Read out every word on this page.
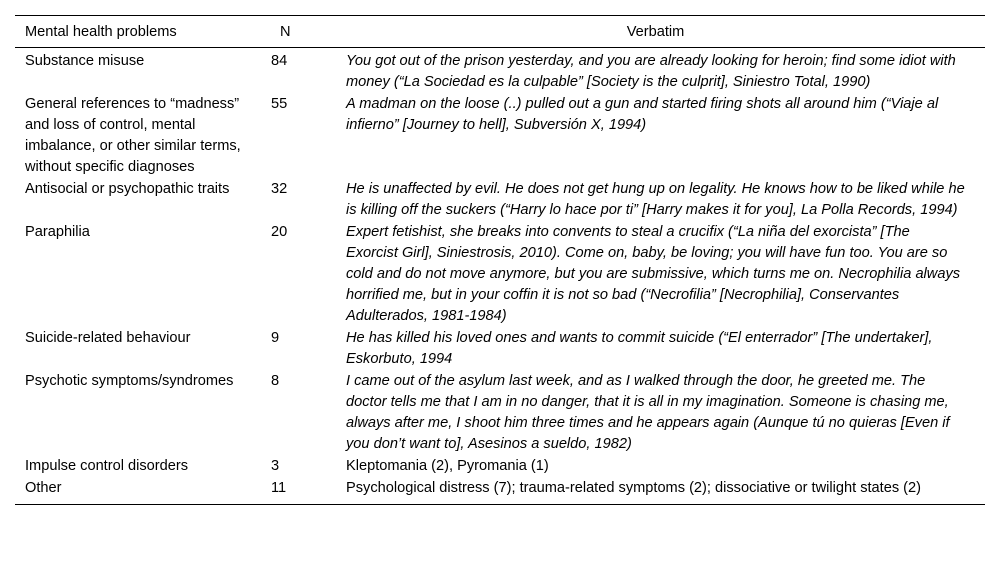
Mental health problems	N	Verbatim
Substance misuse	84	You got out of the prison yesterday, and you are already looking for heroin; find some idiot with money (“La Sociedad es la culpable” [Society is the culprit], Siniestro Total, 1990)
General references to “madness” and loss of control, mental imbalance, or other similar terms, without specific diagnoses	55	A madman on the loose (..) pulled out a gun and started firing shots all around him (“Viaje al infierno” [Journey to hell], Subversión X, 1994)
Antisocial or psychopathic traits	32	He is unaffected by evil. He does not get hung up on legality. He knows how to be liked while he is killing off the suckers (“Harry lo hace por ti” [Harry makes it for you], La Polla Records, 1994)
Paraphilia	20	Expert fetishist, she breaks into convents to steal a crucifix (“La niña del exorcista” [The Exorcist Girl], Siniestrosis, 2010). Come on, baby, be loving; you will have fun too. You are so cold and do not move anymore, but you are submissive, which turns me on. Necrophilia always horrified me, but in your coffin it is not so bad (“Necrofilia” [Necrophilia], Conservantes Adulterados, 1981-1984)
Suicide-related behaviour	9	He has killed his loved ones and wants to commit suicide (“El enterrador” [The undertaker], Eskorbuto, 1994
Psychotic symptoms/syndromes	8	I came out of the asylum last week, and as I walked through the door, he greeted me. The doctor tells me that I am in no danger, that it is all in my imagination. Someone is chasing me, always after me, I shoot him three times and he appears again (Aunque tú no quieras [Even if you don’t want to], Asesinos a sueldo, 1982)
Impulse control disorders	3	Kleptomania (2), Pyromania (1)
Other	11	Psychological distress (7); trauma-related symptoms (2); dissociative or twilight states (2)
